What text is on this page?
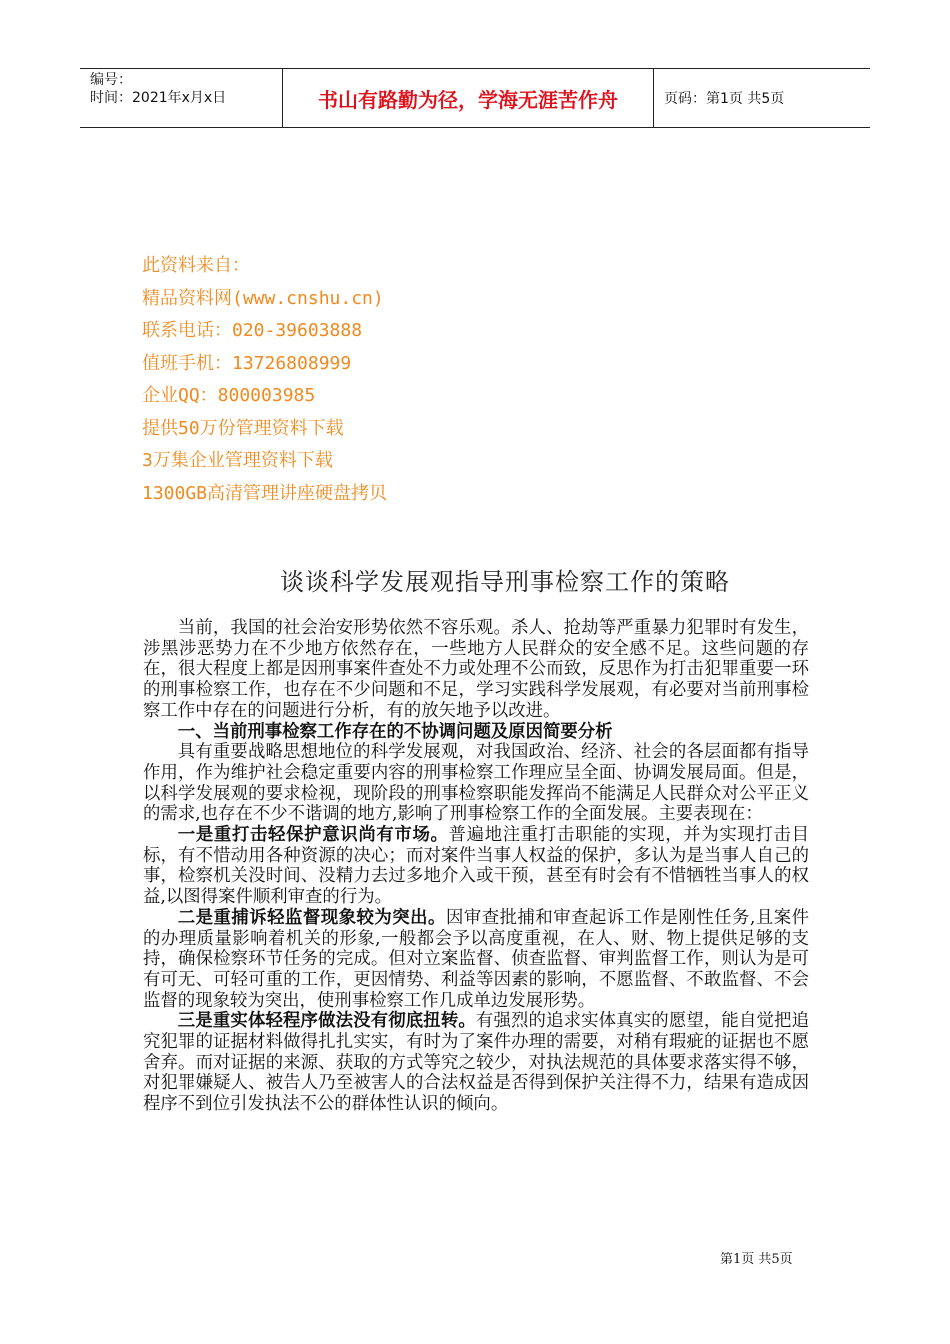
编号：
时间：2021年x月x日	书山有路勤为径，学海无涯苦作舟	页码：第1页 共5页
此资料来自：
精品资料网(www.cnshu.cn)
联系电话：020-39603888
值班手机：13726808999
企业QQ：800003985
提供50万份管理资料下载
3万集企业管理资料下载
1300GB高清管理讲座硬盘拷贝
谈谈科学发展观指导刑事检察工作的策略

当前，我国的社会治安形势依然不容乐观。杀人、抢劫等严重暴力犯罪时有发生，涉黑涉恶势力在不少地方依然存在，一些地方人民群众的安全感不足。这些问题的存在，很大程度上都是因刑事案件查处不力或处理不公而致，反思作为打击犯罪重要一环的刑事检察工作，也存在不少问题和不足，学习实践科学发展观，有必要对当前刑事检察工作中存在的问题进行分析，有的放矢地予以改进。

一、当前刑事检察工作存在的不协调问题及原因简要分析

具有重要战略思想地位的科学发展观，对我国政治、经济、社会的各层面都有指导作用，作为维护社会稳定重要内容的刑事检察工作理应呈全面、协调发展局面。但是，以科学发展观的要求检视，现阶段的刑事检察职能发挥尚不能满足人民群众对公平正义的需求,也存在不少不谐调的地方,影响了刑事检察工作的全面发展。主要表现在：

一是重打击轻保护意识尚有市场。普遍地注重打击职能的实现，并为实现打击目标，有不惜动用各种资源的决心；而对案件当事人权益的保护，多认为是当事人自己的事，检察机关没时间、没精力去过多地介入或干预，甚至有时会有不惜牺牲当事人的权益,以图得案件顺利审查的行为。

二是重捕诉轻监督现象较为突出。因审查批捕和审查起诉工作是刚性任务,且案件的办理质量影响着机关的形象,一般都会予以高度重视，在人、财、物上提供足够的支持，确保检察环节任务的完成。但对立案监督、侦查监督、审判监督工作，则认为是可有可无、可轻可重的工作，更因情势、利益等因素的影响，不愿监督、不敢监督、不会监督的现象较为突出，使刑事检察工作几成单边发展形势。

三是重实体轻程序做法没有彻底扭转。有强烈的追求实体真实的愿望，能自觉把追究犯罪的证据材料做得扎扎实实，有时为了案件办理的需要，对稍有瑕疵的证据也不愿舍弃。而对证据的来源、获取的方式等究之较少，对执法规范的具体要求落实得不够，对犯罪嫌疑人、被告人乃至被害人的合法权益是否得到保护关注得不力，结果有造成因程序不到位引发执法不公的群体性认识的倾向。

第1页 共5页
